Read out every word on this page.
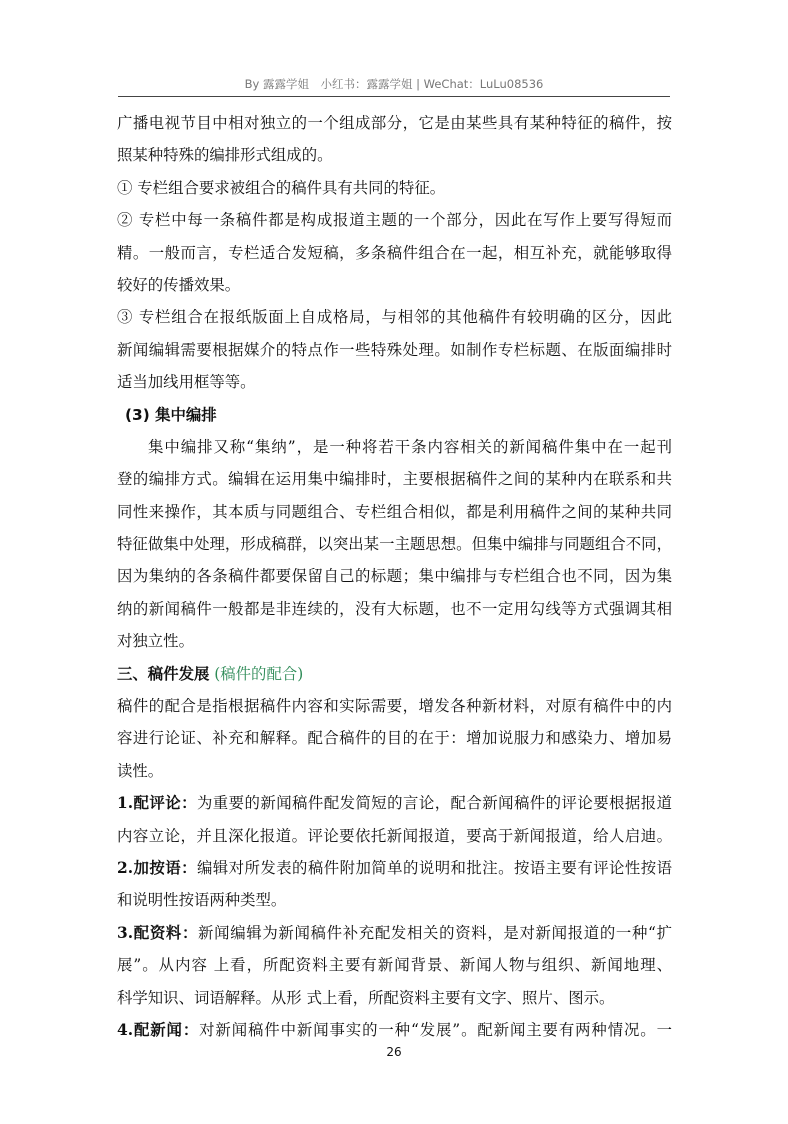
By 露露学姐　小红书：露露学姐 | WeChat：LuLu08536
广播电视节目中相对独立的一个组成部分，它是由某些具有某种特征的稿件，按
照某种特殊的编排形式组成的。
① 专栏组合要求被组合的稿件具有共同的特征。
② 专栏中每一条稿件都是构成报道主题的一个部分，因此在写作上要写得短而
精。一般而言，专栏适合发短稿，多条稿件组合在一起，相互补充，就能够取得
较好的传播效果。
③ 专栏组合在报纸版面上自成格局，与相邻的其他稿件有较明确的区分，因此
新闻编辑需要根据媒介的特点作一些特殊处理。如制作专栏标题、在版面编排时
适当加线用框等等。
(3) 集中编排
集中编排又称“集纳”，是一种将若干条内容相关的新闻稿件集中在一起刊
登的编排方式。编辑在运用集中编排时，主要根据稿件之间的某种内在联系和共
同性来操作，其本质与同题组合、专栏组合相似，都是利用稿件之间的某种共同
特征做集中处理，形成稿群，以突出某一主题思想。但集中编排与同题组合不同，
因为集纳的各条稿件都要保留自己的标题；集中编排与专栏组合也不同，因为集
纳的新闻稿件一般都是非连续的，没有大标题，也不一定用勾线等方式强调其相
对独立性。
三、稿件发展 (稿件的配合)
稿件的配合是指根据稿件内容和实际需要，增发各种新材料，对原有稿件中的内
容进行论证、补充和解释。配合稿件的目的在于：增加说服力和感染力、增加易
读性。
1.配评论：为重要的新闻稿件配发简短的言论，配合新闻稿件的评论要根据报道
内容立论，并且深化报道。评论要依托新闻报道，要高于新闻报道，给人启迪。
2.加按语：编辑对所发表的稿件附加简单的说明和批注。按语主要有评论性按语
和说明性按语两种类型。
3.配资料：新闻编辑为新闻稿件补充配发相关的资料，是对新闻报道的一种“扩
展”。从内容 上看，所配资料主要有新闻背景、新闻人物与组织、新闻地理、
科学知识、词语解释。从形 式上看，所配资料主要有文字、照片、图示。
4.配新闻：对新闻稿件中新闻事实的一种“发展”。配新闻主要有两种情况。一
26
